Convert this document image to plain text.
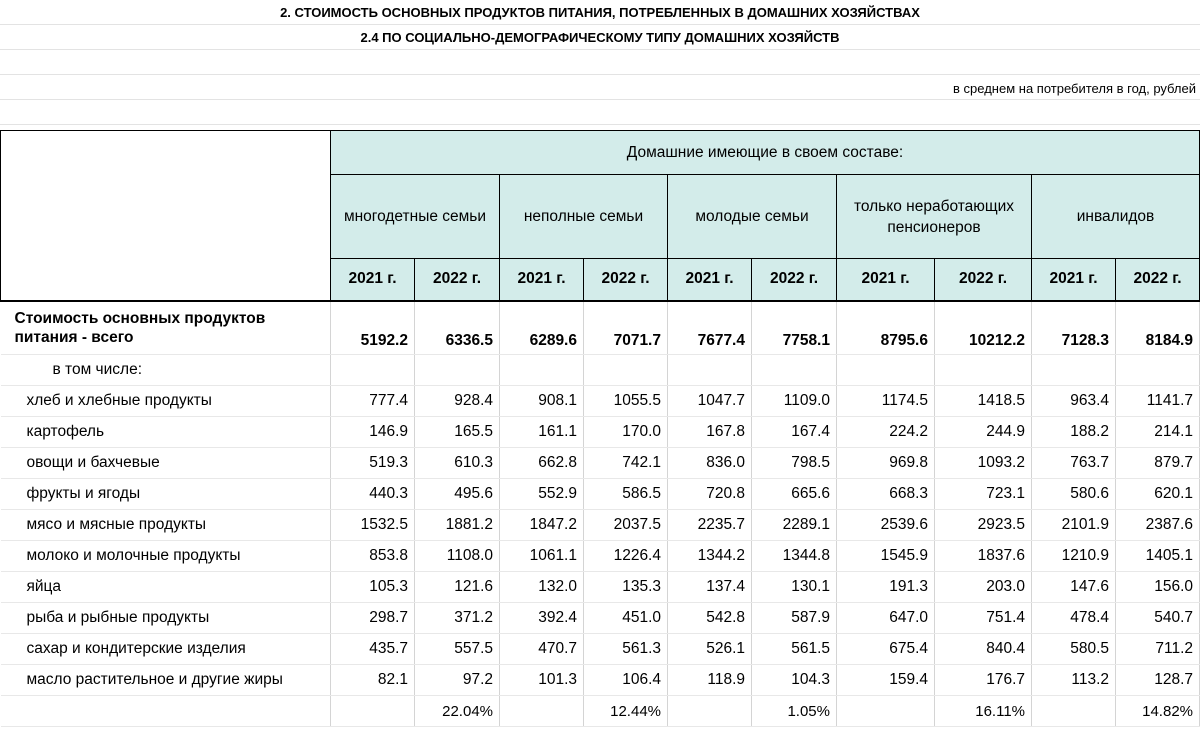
2. СТОИМОСТЬ ОСНОВНЫХ ПРОДУКТОВ ПИТАНИЯ, ПОТРЕБЛЕННЫХ В ДОМАШНИХ ХОЗЯЙСТВАХ
2.4 ПО СОЦИАЛЬНО-ДЕМОГРАФИЧЕСКОМУ ТИПУ ДОМАШНИХ ХОЗЯЙСТВ
в среднем на потребителя в год, рублей
	Домашние имеющие в своем составе:									
	многодетные семьи		неполные семьи		молодые семьи		только неработающих пенсионеров		инвалидов	
	2021 г.	2022 г.	2021 г.	2022 г.	2021 г.	2022 г.	2021 г.	2022 г.	2021 г.	2022 г.
Стоимость основных продуктов питания - всего	5192.2	6336.5	6289.6	7071.7	7677.4	7758.1	8795.6	10212.2	7128.3	8184.9
в том числе:										
хлеб и хлебные продукты	777.4	928.4	908.1	1055.5	1047.7	1109.0	1174.5	1418.5	963.4	1141.7
картофель	146.9	165.5	161.1	170.0	167.8	167.4	224.2	244.9	188.2	214.1
овощи и бахчевые	519.3	610.3	662.8	742.1	836.0	798.5	969.8	1093.2	763.7	879.7
фрукты и ягоды	440.3	495.6	552.9	586.5	720.8	665.6	668.3	723.1	580.6	620.1
мясо и мясные продукты	1532.5	1881.2	1847.2	2037.5	2235.7	2289.1	2539.6	2923.5	2101.9	2387.6
молоко и молочные продукты	853.8	1108.0	1061.1	1226.4	1344.2	1344.8	1545.9	1837.6	1210.9	1405.1
яйца	105.3	121.6	132.0	135.3	137.4	130.1	191.3	203.0	147.6	156.0
рыба и рыбные продукты	298.7	371.2	392.4	451.0	542.8	587.9	647.0	751.4	478.4	540.7
сахар и кондитерские изделия	435.7	557.5	470.7	561.3	526.1	561.5	675.4	840.4	580.5	711.2
масло растительное и другие жиры	82.1	97.2	101.3	106.4	118.9	104.3	159.4	176.7	113.2	128.7
		22.04%		12.44%		1.05%		16.11%		14.82%
